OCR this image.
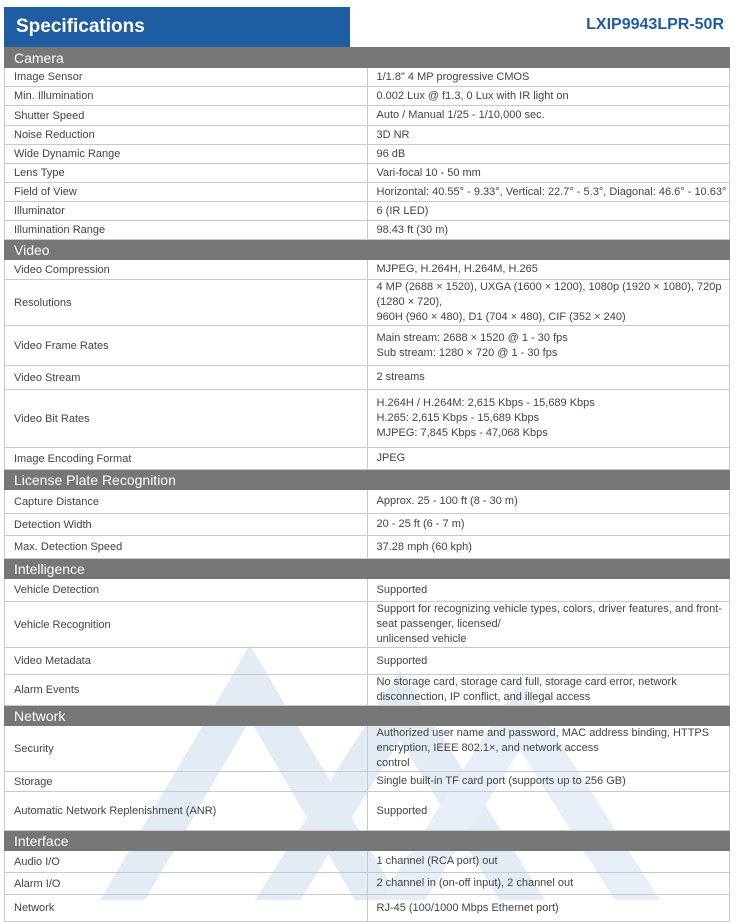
Specifications	LXIP9943LPR-50R
Camera	
Image Sensor	1/1.8" 4 MP progressive CMOS

Min. Illumination	0.002 Lux @ f1.3, 0 Lux with IR light on

Shutter Speed	Auto / Manual 1/25 - 1/10,000 sec.

Noise Reduction	3D NR

Wide Dynamic Range	96 dB

Lens Type	Vari-focal 10 - 50 mm

Field of View	Horizontal: 40.55° - 9.33°, Vertical: 22.7° - 5.3°, Diagonal: 46.6° - 10.63°

Illuminator	6 (IR LED)

Illumination Range	98.43 ft (30 m)

Video	
Video Compression	MJPEG, H.264H, H.264M, H.265

Resolutions	4 MP (2688 × 1520), UXGA (1600 × 1200), 1080p (1920 × 1080), 720p (1280 × 720),
960H (960 × 480), D1 (704 × 480), CIF (352 × 240)

Video Frame Rates	Main stream: 2688 × 1520 @ 1 - 30 fps
Sub stream: 1280 × 720 @ 1 - 30 fps

Video Stream	2 streams

Video Bit Rates	H.264H / H.264M: 2,615 Kbps - 15,689 Kbps
H.265: 2,615 Kbps - 15,689 Kbps
MJPEG: 7,845 Kbps - 47,068 Kbps

Image Encoding Format	JPEG

License Plate Recognition	
Capture Distance	Approx. 25 - 100 ft (8 - 30 m)

Detection Width	20 - 25 ft (6 - 7 m)

Max. Detection Speed	37.28 mph (60 kph)

Intelligence	
Vehicle Detection	Supported

Vehicle Recognition	Support for recognizing vehicle types, colors, driver features, and front-seat passenger, licensed/
unlicensed vehicle

Video Metadata	Supported

Alarm Events	No storage card, storage card full, storage card error, network disconnection, IP conflict, and illegal access

Network	
Security	Authorized user name and password, MAC address binding, HTTPS encryption, IEEE 802.1×, and network access
control

Storage	Single built-in TF card port (supports up to 256 GB)

Automatic Network Replenishment (ANR)	Supported

Interface	
Audio I/O	1 channel (RCA port) out

Alarm I/O	2 channel in (on-off input), 2 channel out

Network	RJ-45 (100/1000 Mbps Ethernet port)
